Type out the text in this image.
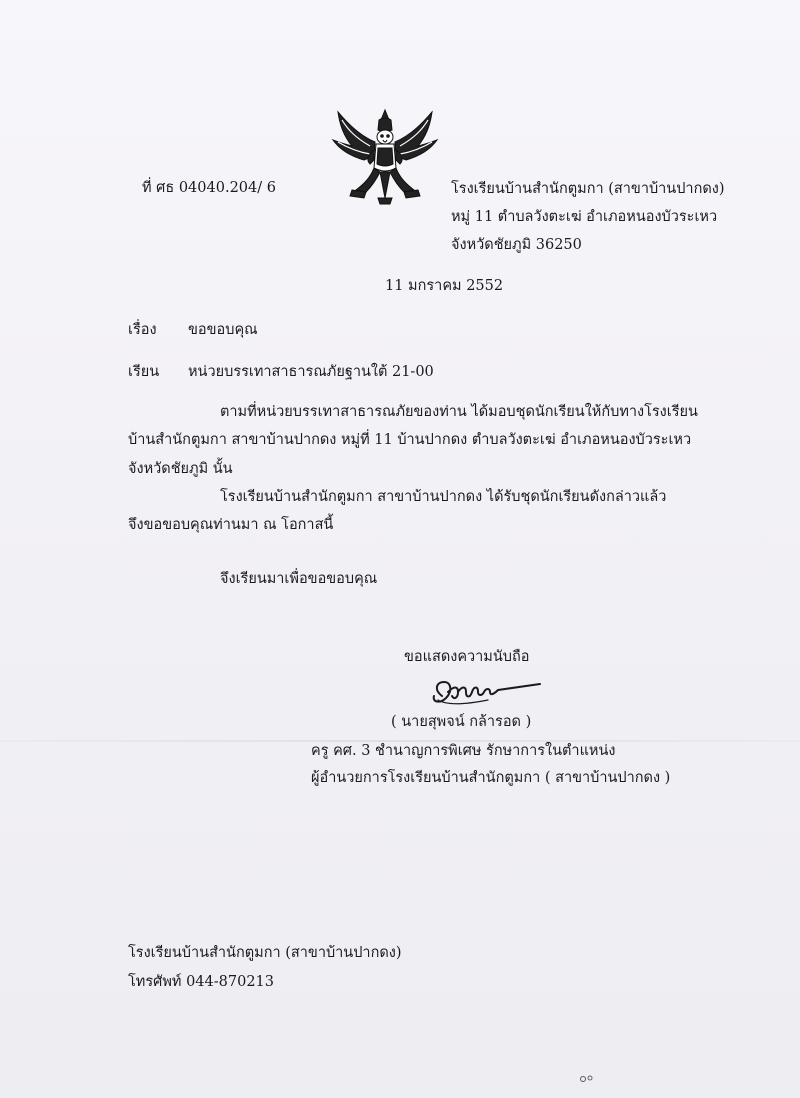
ที่ ศธ 04040.204/ 6	โรงเรียนบ้านสำนักตูมกา (สาขาบ้านปากดง)
หมู่ 11 ตำบลวังตะเฆ่ อำเภอหนองบัวระเหว
จังหวัดชัยภูมิ 36250
11 มกราคม 2552
เรื่อง ขอขอบคุณ
เรียน หน่วยบรรเทาสาธารณภัยฐานใต้ 21-00
ตามที่หน่วยบรรเทาสาธารณภัยของท่าน ได้มอบชุดนักเรียนให้กับทางโรงเรียน
บ้านสำนักตูมกา สาขาบ้านปากดง หมู่ที่ 11 บ้านปากดง ตำบลวังตะเฆ่ อำเภอหนองบัวระเหว
จังหวัดชัยภูมิ นั้น
โรงเรียนบ้านสำนักตูมกา สาขาบ้านปากดง ได้รับชุดนักเรียนดังกล่าวแล้ว
จึงขอขอบคุณท่านมา ณ โอกาสนี้
จึงเรียนมาเพื่อขอขอบคุณ
ขอแสดงความนับถือ
( นายสุพจน์ กล้ารอด )
ครู คศ. 3 ชำนาญการพิเศษ รักษาการในตำแหน่ง
ผู้อำนวยการโรงเรียนบ้านสำนักตูมกา ( สาขาบ้านปากดง )
โรงเรียนบ้านสำนักตูมกา (สาขาบ้านปากดง)
โทรศัพท์ 044-870213
